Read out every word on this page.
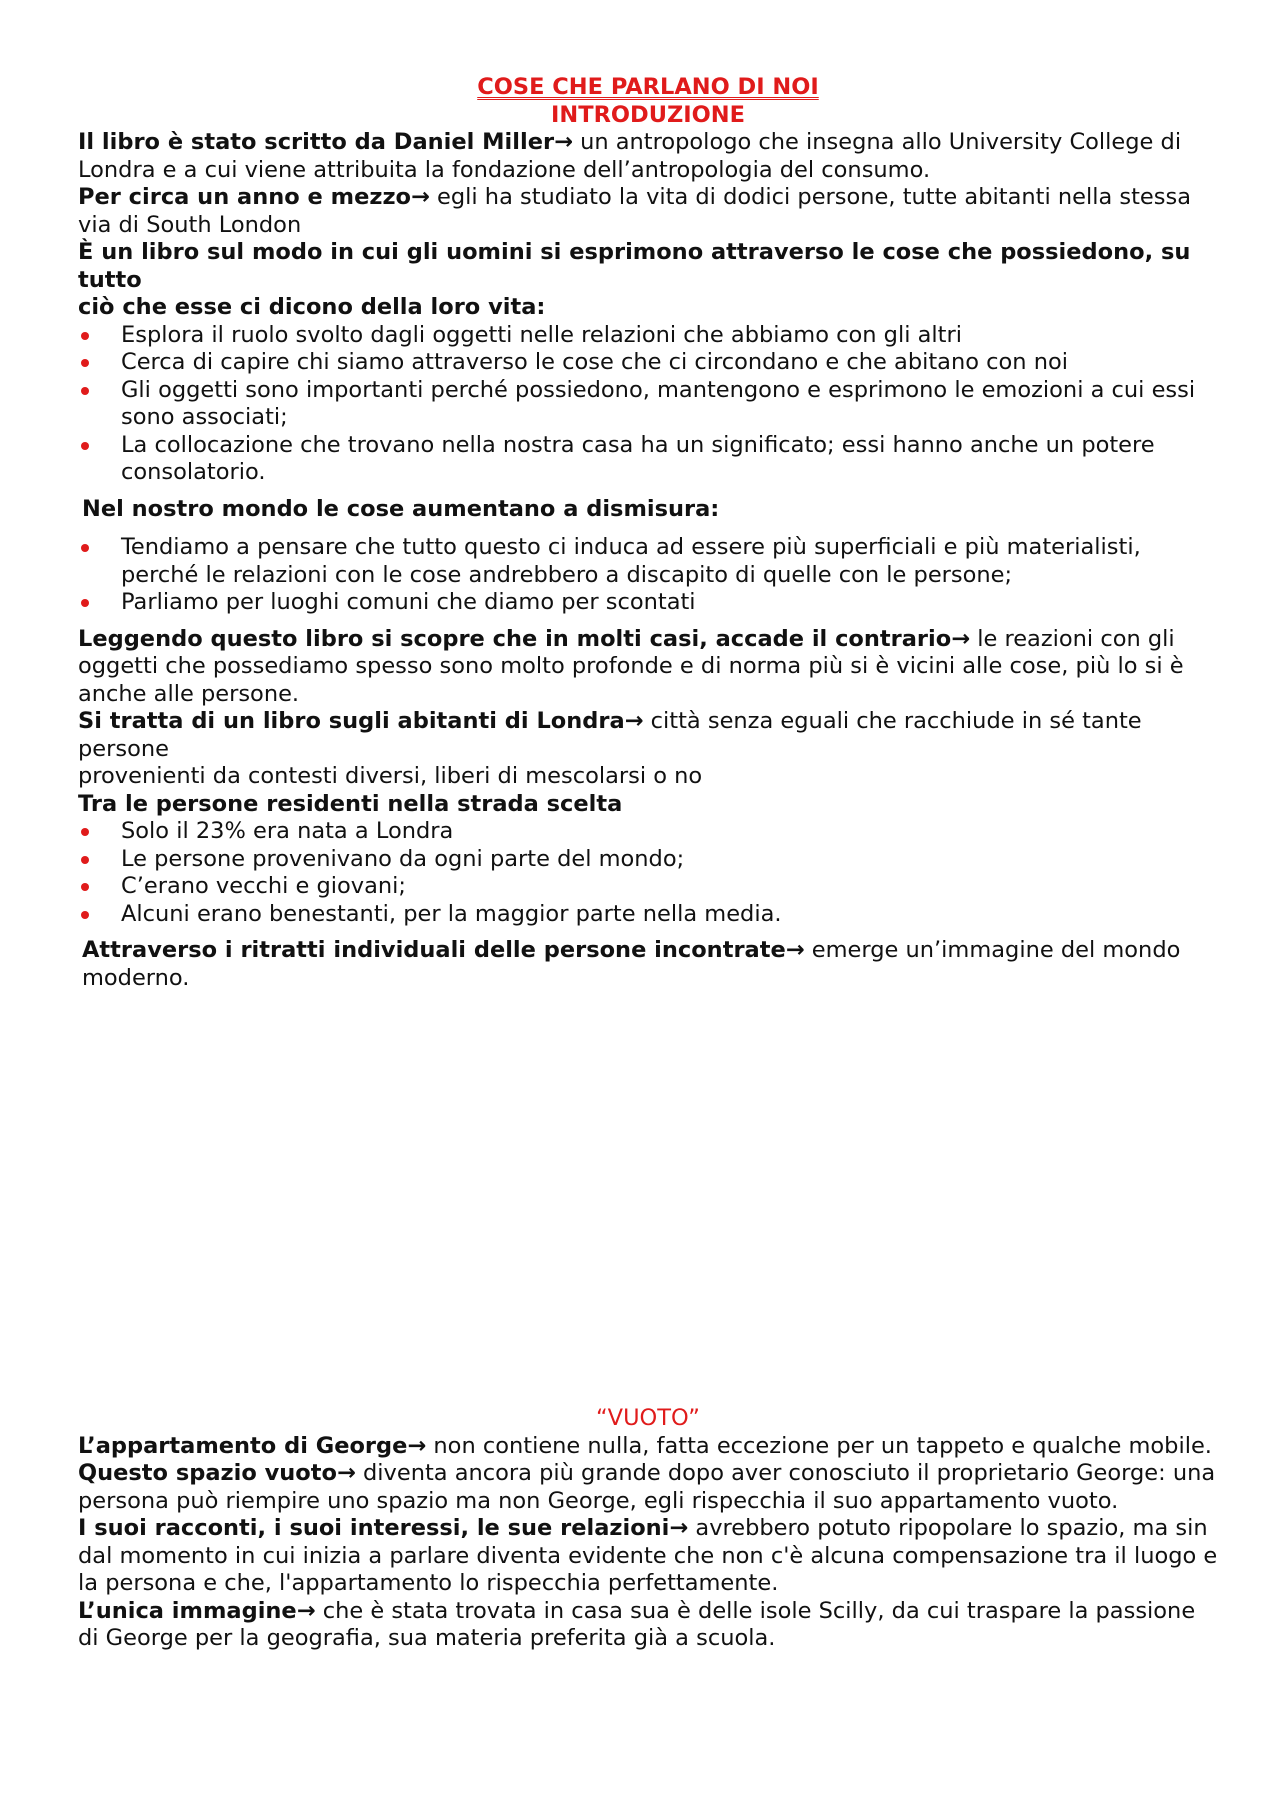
COSE CHE PARLANO DI NOI
INTRODUZIONE

Il libro è stato scritto da Daniel Miller→ un antropologo che insegna allo University College di

Londra e a cui viene attribuita la fondazione dell’antropologia del consumo.

Per circa un anno e mezzo→ egli ha studiato la vita di dodici persone, tutte abitanti nella stessa via di South London

È un libro sul modo in cui gli uomini si esprimono attraverso le cose che possiedono, su tutto

ciò che esse ci dicono della loro vita:

Esplora il ruolo svolto dagli oggetti nelle relazioni che abbiamo con gli altri
Cerca di capire chi siamo attraverso le cose che ci circondano e che abitano con noi
Gli oggetti sono importanti perché possiedono, mantengono e esprimono le emozioni a cui essi sono associati;
La collocazione che trovano nella nostra casa ha un significato; essi hanno anche un potere consolatorio.

Nel nostro mondo le cose aumentano a dismisura:

Tendiamo a pensare che tutto questo ci induca ad essere più superficiali e più materialisti, perché le relazioni con le cose andrebbero a discapito di quelle con le persone;
Parliamo per luoghi comuni che diamo per scontati

Leggendo questo libro si scopre che in molti casi, accade il contrario→ le reazioni con gli oggetti che possediamo spesso sono molto profonde e di norma più si è vicini alle cose, più lo si è anche alle persone.

Si tratta di un libro sugli abitanti di Londra→ città senza eguali che racchiude in sé tante persone

provenienti da contesti diversi, liberi di mescolarsi o no

Tra le persone residenti nella strada scelta

Solo il 23% era nata a Londra
Le persone provenivano da ogni parte del mondo;
C’erano vecchi e giovani;
Alcuni erano benestanti, per la maggior parte nella media.

Attraverso i ritratti individuali delle persone incontrate→ emerge un’immagine del mondo moderno.

“VUOTO”

L’appartamento di George→ non contiene nulla, fatta eccezione per un tappeto e qualche mobile.

Questo spazio vuoto→ diventa ancora più grande dopo aver conosciuto il proprietario George: una persona può riempire uno spazio ma non George, egli rispecchia il suo appartamento vuoto.

I suoi racconti, i suoi interessi, le sue relazioni→ avrebbero potuto ripopolare lo spazio, ma sin dal momento in cui inizia a parlare diventa evidente che non c'è alcuna compensazione tra il luogo e la persona e che, l'appartamento lo rispecchia perfettamente.

L’unica immagine→ che è stata trovata in casa sua è delle isole Scilly, da cui traspare la passione di George per la geografia, sua materia preferita già a scuola.
